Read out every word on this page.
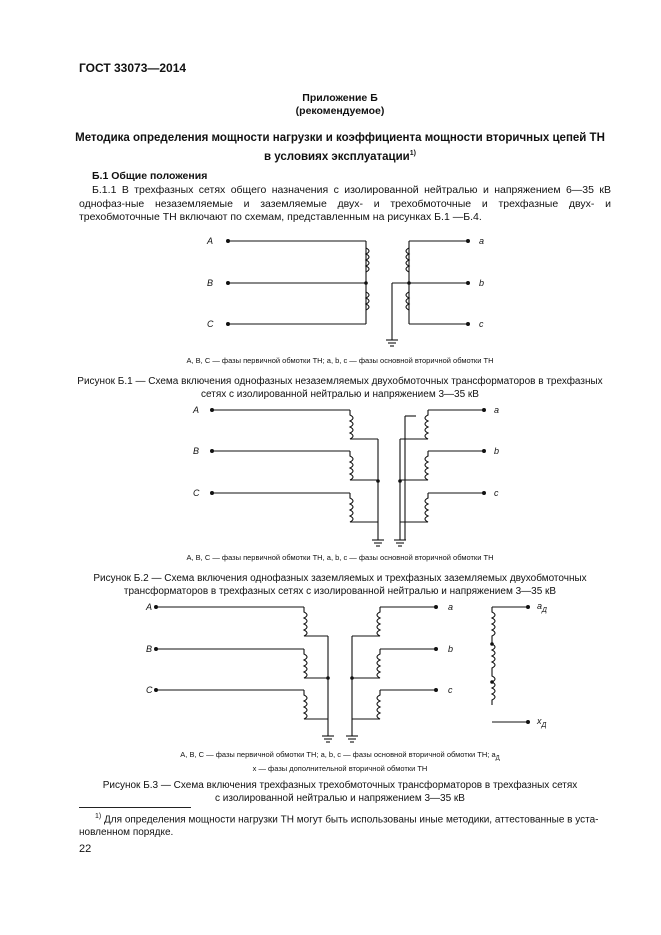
ГОСТ 33073—2014
Приложение Б
(рекомендуемое)
Методика определения мощности нагрузки и коэффициента мощности вторичных цепей ТН
в условиях эксплуатации$^{1)}$
Б.1 Общие положения
Б.1.1 В трехфазных сетях общего назначения с изолированной нейтралью и напряжением 6—35 кВ однофаз-ные незаземляемые и заземляемые двух- и трехобмоточные и трехфазные двух- и трехобмоточные ТН включают по схемам, представленным на рисунках Б.1 —Б.4.
A
B
C
a
b
c
A, B, C — фазы первичной обмотки ТН; a, b, c — фазы основной вторичной обмотки ТН
Рисунок Б.1 — Схема включения однофазных незаземляемых двухобмоточных трансформаторов в трехфазных
сетях с изолированной нейтралью и напряжением 3—35 кВ
A
B
C
a
b
c
A, B, C — фазы первичной обмотки ТН, a, b, c — фазы основной вторичной обмотки ТН
Рисунок Б.2 — Схема включения однофазных заземляемых и трехфазных заземляемых двухобмоточных
трансформаторов в трехфазных сетях с изолированной нейтралью и напряжением 3—35 кВ
A
B
C
a
b
c
$a_Д$
$x_Д$
A, B, C — фазы первичной обмотки ТН; a, b, c — фазы основной вторичной обмотки ТН; $a_Д$
x — фазы дополнительной вторичной обмотки ТН
Рисунок Б.3 — Схема включения трехфазных трехобмоточных трансформаторов в трехфазных сетях
с изолированной нейтралью и напряжением 3—35 кВ
$^{1)}$ Для определения мощности нагрузки ТН могут быть использованы иные методики, аттестованные в уста-новленном порядке.
22
